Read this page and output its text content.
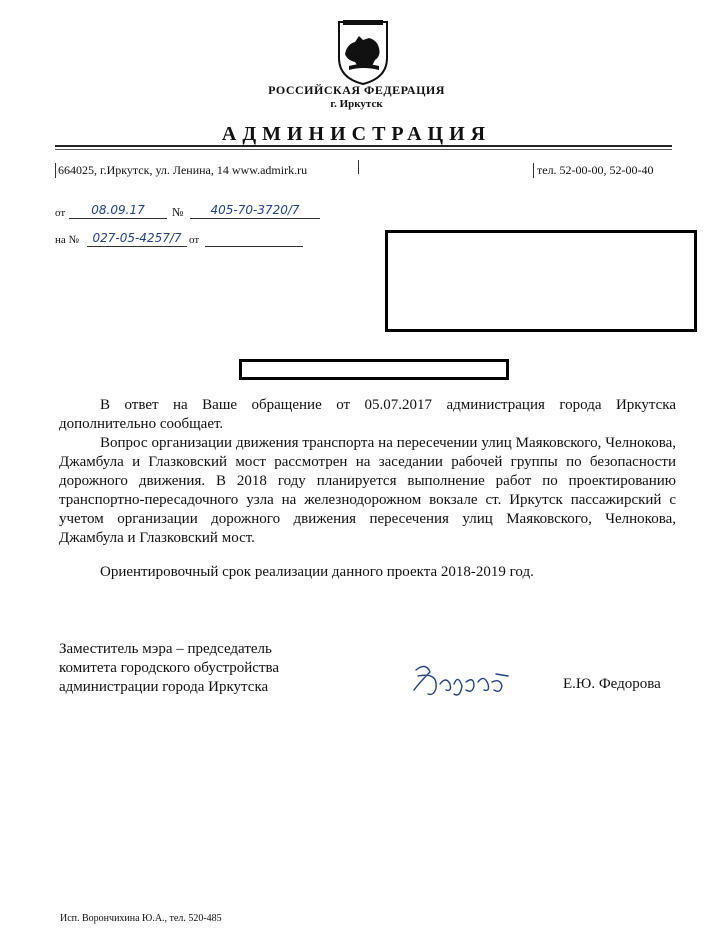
РОССИЙСКАЯ ФЕДЕРАЦИЯ
г. Иркутск
АДМИНИСТРАЦИЯ
664025, г.Иркутск, ул. Ленина, 14 www.admirk.ru	тел. 52-00-00, 52-00-40
от	08.09.17	№	405-70-3720/7
на №	027-05-4257/7 от
В ответ на Ваше обращение от 05.07.2017 администрация города Иркутска дополнительно сообщает.
Вопрос организации движения транспорта на пересечении улиц Маяковского, Челнокова, Джамбула и Глазковский мост рассмотрен на заседании рабочей группы по безопасности дорожного движения. В 2018 году планируется выполнение работ по проектированию транспортно-пересадочного узла на железнодорожном вокзале ст. Иркутск пассажирский с учетом организации дорожного движения пересечения улиц Маяковского, Челнокова, Джамбула и Глазковский мост.
Ориентировочный срок реализации данного проекта 2018-2019 год.
Заместитель мэра – председатель
комитета городского обустройства
администрации города Иркутска	Е.Ю. Федорова
Исп. Ворончихина Ю.А., тел. 520-485
